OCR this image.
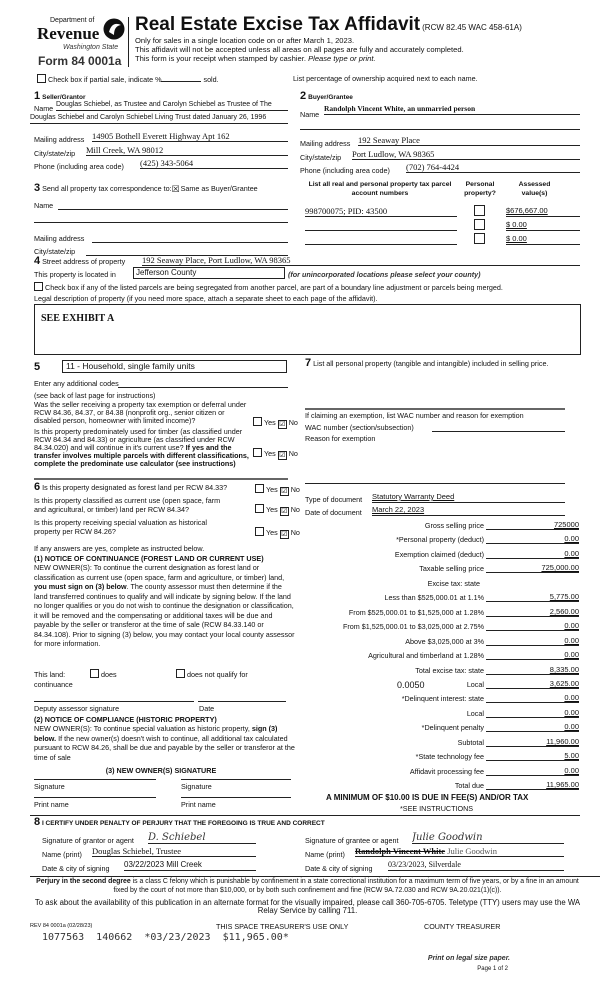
Department of
Revenue
Washington State
Form 84 0001a
Real Estate Excise Tax Affidavit (RCW 82.45 WAC 458-61A)
Only for sales in a single location code on or after March 1, 2023.
This affidavit will not be accepted unless all areas on all pages are fully and accurately completed.
This form is your receipt when stamped by cashier. Please type or print.
Check box if partial sale, indicate %	sold.	List percentage of ownership acquired next to each name.
1 Seller/Grantor
Name Douglas Schiebel, as Trustee and Carolyn Schiebel as Trustee of The
Douglas Schiebel and Carolyn Schiebel Living Trust dated January 26, 1996
Mailing address 14905 Bothell Everett Highway Apt 162
City/state/zip Mill Creek, WA 98012
Phone (including area code) (425) 343-5064
2 Buyer/Grantee
Name
Randolph Vincent White, an unmarried person
Mailing address 192 Seaway Place
City/state/zip Port Ludlow, WA 98365
Phone (including area code) (702) 764-4424
3 Send all property tax correspondence to:☒Same as Buyer/Grantee
Name
Mailing address
City/state/zip
List all real and personal property tax parcel account numbers
Personal property?
Assessed value(s)
998700075; PID: 43500	$676,667.00
$ 0.00
$ 0.00
4 Street address of property 192 Seaway Place, Port Ludlow, WA 98365
This property is located in	Jefferson County	(for unincorporated locations please select your county)
Check box if any of the listed parcels are being segregated from another parcel, are part of a boundary line adjustment or parcels being merged.
Legal description of property (if you need more space, attach a separate sheet to each page of the affidavit).
SEE EXHIBIT A
5	11 - Household, single family units
Enter any additional codes
(see back of last page for instructions)
Was the seller receiving a property tax exemption or deferral under RCW 84.36, 84.37, or 84.38 (nonprofit org., senior citizen or disabled person, homeowner with limited income)?	Yes ☑ No
Is this property predominately used for timber (as classified under RCW 84.34 and 84.33) or agriculture (as classified under RCW 84.34.020) and will continue in it's current use? If yes and the transfer involves multiple parcels with different classifications, complete the predominate use calculator (see instructions)
Yes ☑ No
6 Is this property designated as forest land per RCW 84.33?	Yes ☑ No
Is this property classified as current use (open space, farm and agricultural, or timber) land per RCW 84.34?	Yes ☑ No
Is this property receiving special valuation as historical property per RCW 84.26?	Yes ☑ No
If any answers are yes, complete as instructed below.
(1) NOTICE OF CONTINUANCE (FOREST LAND OR CURRENT USE)
NEW OWNER(S): To continue the current designation as forest land or classification as current use (open space, farm and agriculture, or timber) land, you must sign on (3) below. The county assessor must then determine if the land transferred continues to qualify and will indicate by signing below. If the land no longer qualifies or you do not wish to continue the designation or classification, it will be removed and the compensating or additional taxes will be due and payable by the seller or transferor at the time of sale (RCW 84.33.140 or 84.34.108). Prior to signing (3) below, you may contact your local county assessor for more information.
This land:	does	does not qualify for
continuance
Deputy assessor signature	Date
(2) NOTICE OF COMPLIANCE (HISTORIC PROPERTY)
NEW OWNER(S): To continue special valuation as historic property, sign (3) below. If the new owner(s) doesn't wish to continue, all additional tax calculated pursuant to RCW 84.26, shall be due and payable by the seller or transferor at the time of sale
(3) NEW OWNER(S) SIGNATURE
Signature	Signature
Print name	Print name
7 List all personal property (tangible and intangible) included in selling price.
If claiming an exemption, list WAC number and reason for exemption
WAC number (section/subsection)
Reason for exemption
Type of document Statutory Warranty Deed
Date of document March 22, 2023
Gross selling price	725000
*Personal property (deduct)	0.00
Exemption claimed (deduct)	0.00
Taxable selling price	725,000.00
Excise tax: state
Less than $525,000.01 at 1.1%	5,775.00
From $525,000.01 to $1,525,000 at 1.28%	2,560.00
From $1,525,000.01 to $3,025,000 at 2.75%	0.00
Above $3,025,000 at 3%	0.00
Agricultural and timberland at 1.28%	0.00
Total excise tax: state	8,335.00
Local	3,625.00
*Delinquent interest: state	0.00
Local	0.00
*Delinquent penalty	0.00
Subtotal	11,960.00
*State technology fee	5.00
Affidavit processing fee	0.00
Total due	11,965.00
0.0050
A MINIMUM OF $10.00 IS DUE IN FEE(S) AND/OR TAX
*SEE INSTRUCTIONS
8 I CERTIFY UNDER PENALTY OF PERJURY THAT THE FOREGOING IS TRUE AND CORRECT
Signature of grantor or agent D. Schiebel
Name (print) Douglas Schiebel, Trustee
Date & city of signing 03/22/2023 Mill Creek
Signature of grantee or agent Julie Goodwin
Name (print) Randolph Vincent White Julie Goodwin
Date & city of signing 03/23/2023, Silverdale
Perjury in the second degree is a class C felony which is punishable by confinement in a state correctional institution for a maximum term of five years, or by a fine in an amount fixed by the court of not more than $10,000, or by both such confinement and fine (RCW 9A.72.030 and RCW 9A.20.021(1)(c)).
To ask about the availability of this publication in an alternate format for the visually impaired, please call 360-705-6705. Teletype (TTY) users may use the WA Relay Service by calling 711.
REV 84 0001a (02/28/23)	THIS SPACE TREASURER'S USE ONLY	COUNTY TREASURER
1077563  140662  *03/23/2023  $11,965.00*
Print on legal size paper.
Page 1 of 2
